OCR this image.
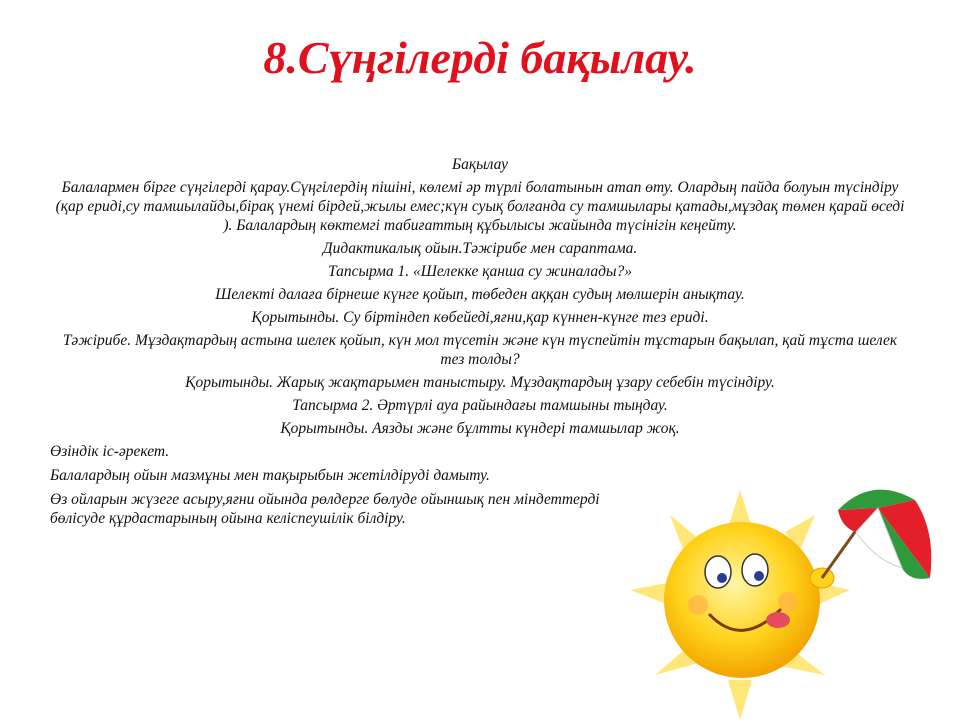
8.Сүңгілерді бақылау.

Бақылау

Балалармен бірге сүңгілерді қарау.Сүңгілердің пішіні, көлемі әр түрлі болатынын атап өту. Олардың пайда болуын түсіндіру (қар ериді,су тамшылайды,бірақ үнемі бірдей,жылы емес;күн суық болғанда су тамшылары қатады,мұздақ төмен қарай өседі ). Балалардың көктемгі табиғаттың құбылысы жайында түсінігін кеңейту.

Дидактикалық ойын.Тәжірибе мен сараптама.

Тапсырма 1. «Шелекке қанша су жиналады?»

Шелекті далаға бірнеше күнге қойып, төбеден аққан судың мөлшерін анықтау.

Қорытынды. Су біртіндеп көбейеді,яғни,қар күннен-күнге тез ериді.

Тәжірибе. Мұздақтардың астына шелек қойып, күн мол түсетін және күн түспейтін тұстарын бақылап, қай тұста шелек тез толды?

Қорытынды. Жарық жақтарымен таныстыру. Мұздақтардың ұзару себебін түсіндіру.

Тапсырма 2. Әртүрлі ауа райындағы тамшыны тыңдау.

Қорытынды. Аязды және бұлтты күндері тамшылар жоқ.

Өзіндік іс-әрекет.

Балалардың ойын мазмұны мен тақырыбын жетілдіруді дамыту.

Өз ойларын жүзеге асыру,яғни ойында рөлдерге бөлуде ойыншық пен міндеттерді бөлісуде құрдастарының ойына келіспеушілік білдіру.
